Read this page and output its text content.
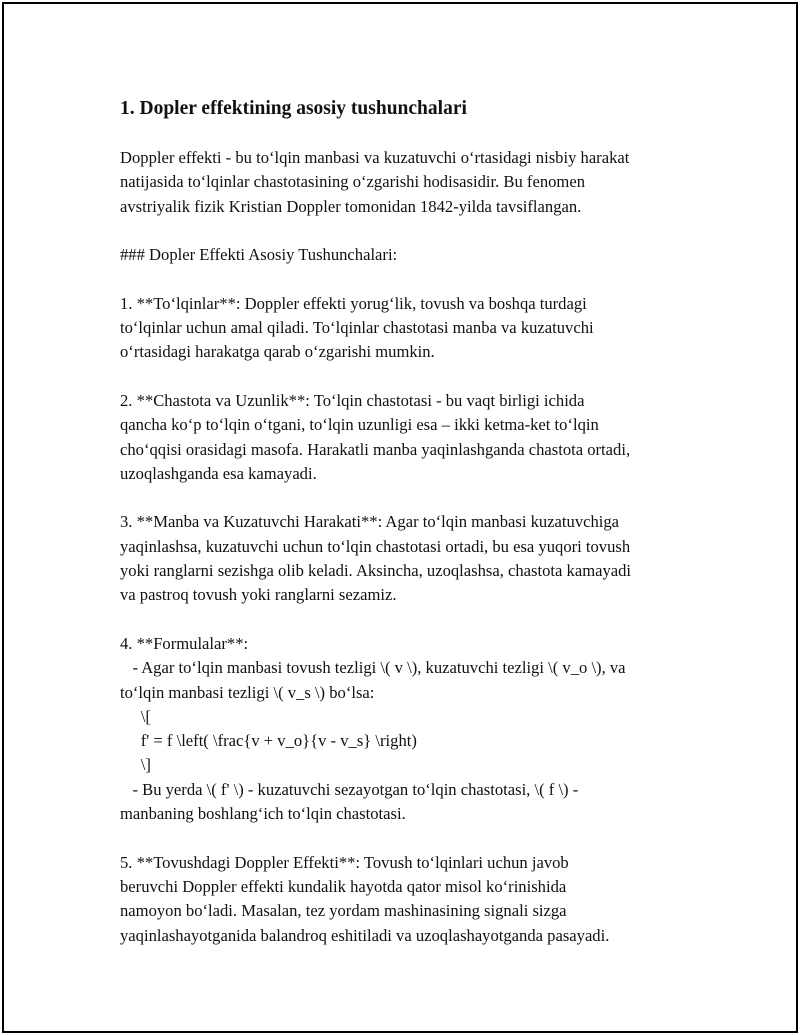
1. Dopler effektining asosiy tushunchalari
Doppler effekti - bu to‘lqin manbasi va kuzatuvchi o‘rtasidagi nisbiy harakat
natijasida to‘lqinlar chastotasining o‘zgarishi hodisasidir. Bu fenomen
avstriyalik fizik Kristian Doppler tomonidan 1842-yilda tavsiflangan.
### Dopler Effekti Asosiy Tushunchalari:
1. **To‘lqinlar**: Doppler effekti yorug‘lik, tovush va boshqa turdagi
to‘lqinlar uchun amal qiladi. To‘lqinlar chastotasi manba va kuzatuvchi
o‘rtasidagi harakatga qarab o‘zgarishi mumkin.
2. **Chastota va Uzunlik**: To‘lqin chastotasi - bu vaqt birligi ichida
qancha ko‘p to‘lqin o‘tgani, to‘lqin uzunligi esa – ikki ketma-ket to‘lqin
cho‘qqisi orasidagi masofa. Harakatli manba yaqinlashganda chastota ortadi,
uzoqlashganda esa kamayadi.
3. **Manba va Kuzatuvchi Harakati**: Agar to‘lqin manbasi kuzatuvchiga
yaqinlashsa, kuzatuvchi uchun to‘lqin chastotasi ortadi, bu esa yuqori tovush
yoki ranglarni sezishga olib keladi. Aksincha, uzoqlashsa, chastota kamayadi
va pastroq tovush yoki ranglarni sezamiz.
4. **Formulalar**:
- Agar to‘lqin manbasi tovush tezligi \( v \), kuzatuvchi tezligi \( v_o \), va
to‘lqin manbasi tezligi \( v_s \) bo‘lsa:
\[
f' = f \left( \frac{v + v_o}{v - v_s} \right)
\]
- Bu yerda \( f' \) - kuzatuvchi sezayotgan to‘lqin chastotasi, \( f \) -
manbaning boshlang‘ich to‘lqin chastotasi.
5. **Tovushdagi Doppler Effekti**: Tovush to‘lqinlari uchun javob
beruvchi Doppler effekti kundalik hayotda qator misol ko‘rinishida
namoyon bo‘ladi. Masalan, tez yordam mashinasining signali sizga
yaqinlashayotganida balandroq eshitiladi va uzoqlashayotganda pasayadi.
